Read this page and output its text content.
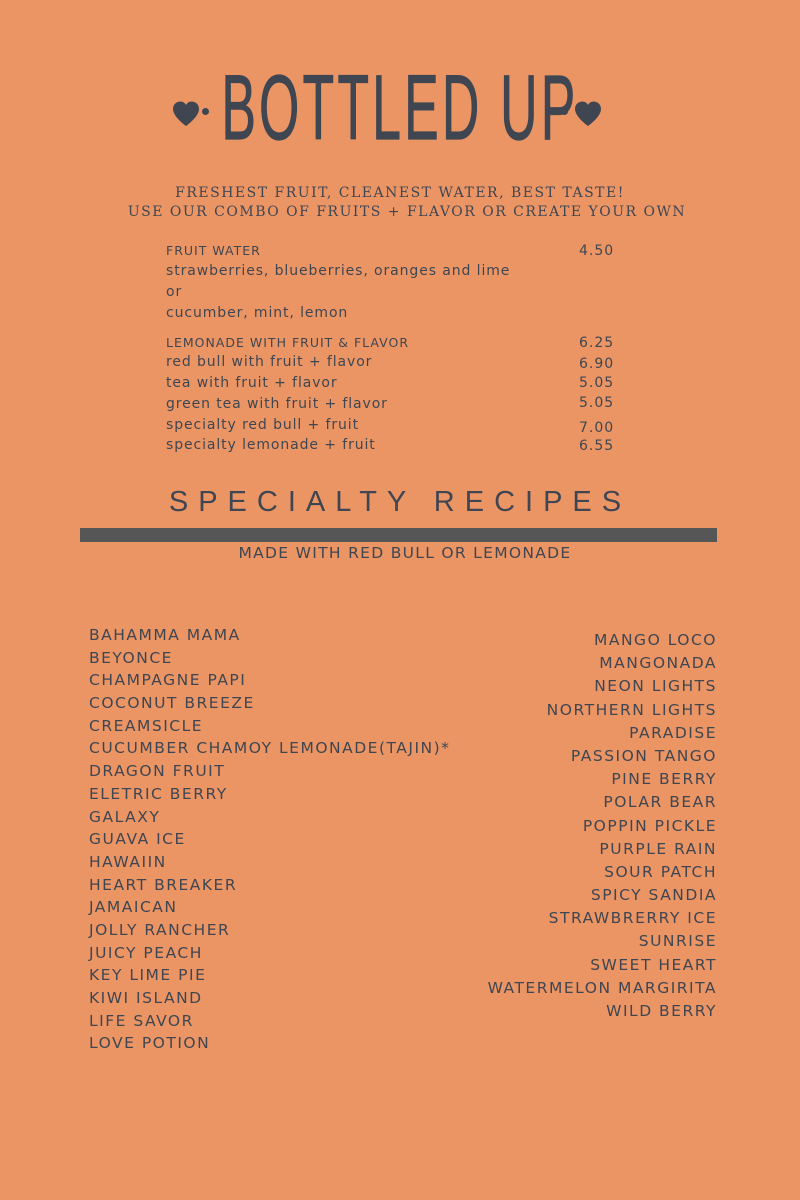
BOTTLED UP
FRESHEST FRUIT, CLEANEST WATER, BEST TASTE!
USE OUR COMBO OF FRUITS + FLAVOR OR CREATE YOUR OWN
FRUIT WATER	4.50
strawberries, blueberries, oranges and lime
or
cucumber, mint, lemon
LEMONADE WITH FRUIT & FLAVOR	6.25
red bull with fruit + flavor	6.90
tea with fruit + flavor	5.05
green tea with fruit + flavor	5.05
specialty red bull + fruit	7.00
specialty lemonade + fruit	6.55
SPECIALTY RECIPES
MADE WITH RED BULL OR LEMONADE
BAHAMMA MAMA
BEYONCE
CHAMPAGNE PAPI
COCONUT BREEZE
CREAMSICLE
CUCUMBER CHAMOY LEMONADE(TAJIN)*
DRAGON FRUIT
ELETRIC BERRY
GALAXY
GUAVA ICE
HAWAIIN
HEART BREAKER
JAMAICAN
JOLLY RANCHER
JUICY PEACH
KEY LIME PIE
KIWI ISLAND
LIFE SAVOR
LOVE POTION
MANGO LOCO
MANGONADA
NEON LIGHTS
NORTHERN LIGHTS
PARADISE
PASSION TANGO
PINE BERRY
POLAR BEAR
POPPIN PICKLE
PURPLE RAIN
SOUR PATCH
SPICY SANDIA
STRAWBRERRY ICE
SUNRISE
SWEET HEART
WATERMELON MARGIRITA
WILD BERRY
